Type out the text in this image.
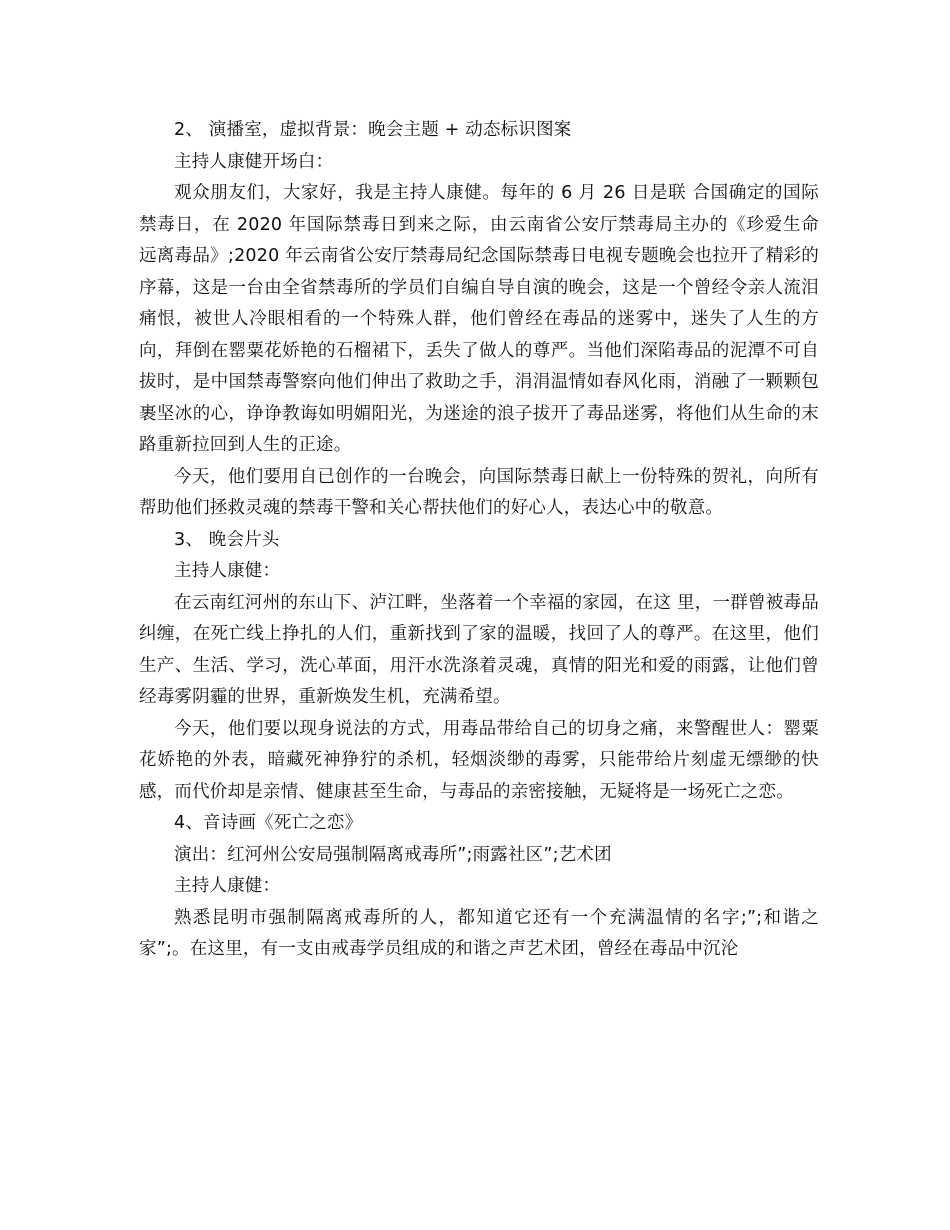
2、 演播室，虚拟背景：晚会主题 + 动态标识图案

主持人康健开场白：

观众朋友们，大家好，我是主持人康健。每年的 6 月 26 日是联 合国确定的国际禁毒日，在 2020 年国际禁毒日到来之际，由云南省公安厅禁毒局主办的《珍爱生命 远离毒品》;2020 年云南省公安厅禁毒局纪念国际禁毒日电视专题晚会也拉开了精彩的序幕，这是一台由全省禁毒所的学员们自编自导自演的晚会，这是一个曾经令亲人流泪痛恨，被世人冷眼相看的一个特殊人群，他们曾经在毒品的迷雾中，迷失了人生的方向，拜倒在罂粟花娇艳的石榴裙下，丢失了做人的尊严。当他们深陷毒品的泥潭不可自拔时，是中国禁毒警察向他们伸出了救助之手，涓涓温情如春风化雨，消融了一颗颗包裹坚冰的心，诤诤教诲如明媚阳光，为迷途的浪子拔开了毒品迷雾，将他们从生命的末路重新拉回到人生的正途。

今天，他们要用自已创作的一台晚会，向国际禁毒日献上一份特殊的贺礼，向所有帮助他们拯救灵魂的禁毒干警和关心帮扶他们的好心人，表达心中的敬意。

3、 晚会片头

主持人康健：

在云南红河州的东山下、泸江畔，坐落着一个幸福的家园，在这 里，一群曾被毒品纠缠，在死亡线上挣扎的人们，重新找到了家的温暖，找回了人的尊严。在这里，他们生产、生活、学习，洗心革面，用汗水洗涤着灵魂，真情的阳光和爱的雨露，让他们曾经毒雾阴霾的世界，重新焕发生机，充满希望。

今天，他们要以现身说法的方式，用毒品带给自己的切身之痛，来警醒世人：罂粟花娇艳的外表，暗藏死神狰狞的杀机，轻烟淡缈的毒雾，只能带给片刻虚无缥缈的快感，而代价却是亲情、健康甚至生命，与毒品的亲密接触，无疑将是一场死亡之恋。

4、音诗画《死亡之恋》

演出：红河州公安局强制隔离戒毒所”;雨露社区”;艺术团

主持人康健：

熟悉昆明市强制隔离戒毒所的人，都知道它还有一个充满温情的名字;”;和谐之家”;。在这里，有一支由戒毒学员组成的和谐之声艺术团，曾经在毒品中沉沦
